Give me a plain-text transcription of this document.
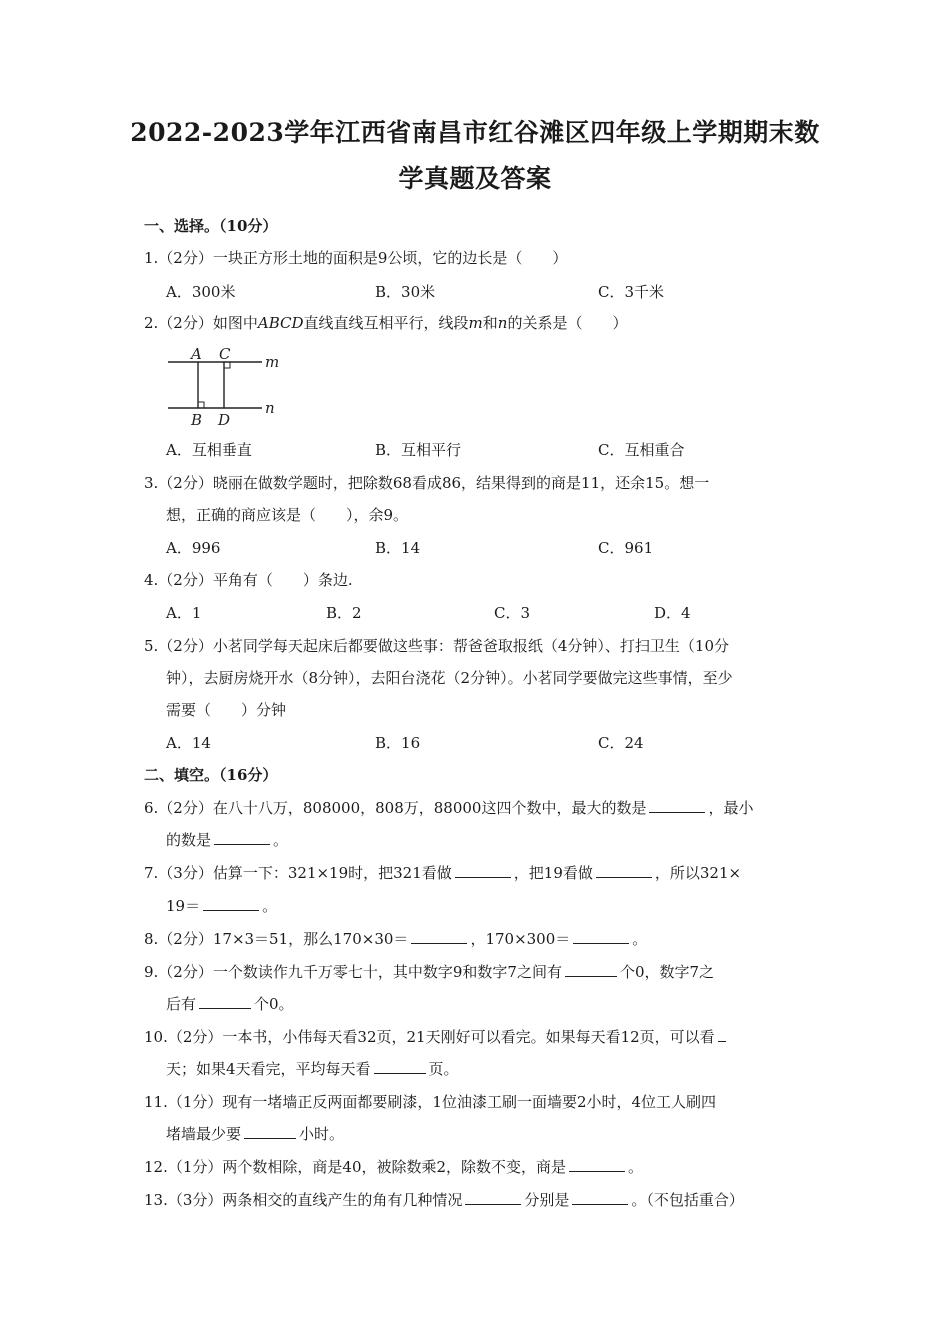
2022-2023学年江西省南昌市红谷滩区四年级上学期期末数
学真题及答案
一、选择。（10分）
1.（2分）一块正方形土地的面积是9公顷，它的边长是（　　）
A．300米	B．30米	C．3千米
2.（2分）如图中ABCD直线直线互相平行，线段m和n的关系是（　　）
A C
B D
m
n
A．互相垂直	B．互相平行	C．互相重合
3.（2分）晓丽在做数学题时，把除数68看成86，结果得到的商是11，还余15。想一
想，正确的商应该是（　　），余9。
A．996	B．14	C．961
4.（2分）平角有（　　）条边.
A．1	B．2	C．3	D．4
5.（2分）小茗同学每天起床后都要做这些事：帮爸爸取报纸（4分钟）、打扫卫生（10分
钟），去厨房烧开水（8分钟），去阳台浇花（2分钟）。小茗同学要做完这些事情，至少
需要（　　）分钟
A．14	B．16	C．24
二、填空。（16分）
6.（2分）在八十八万，808000，808万，88000这四个数中，最大的数是	，最小
的数是	。
7.（3分）估算一下：321×19时，把321看做	，把19看做	，所以321×
19＝	。
8.（2分）17×3＝51，那么170×30＝	，170×300＝	。
9.（2分）一个数读作九千万零七十，其中数字9和数字7之间有	个0，数字7之
后有	个0。
10.（2分）一本书，小伟每天看32页，21天刚好可以看完。如果每天看12页，可以看
天；如果4天看完，平均每天看	页。
11.（1分）现有一堵墙正反两面都要刷漆，1位油漆工刷一面墙要2小时，4位工人刷四
堵墙最少要	小时。
12.（1分）两个数相除，商是40，被除数乘2，除数不变，商是	。
13.（3分）两条相交的直线产生的角有几种情况	分别是	。（不包括重合）
